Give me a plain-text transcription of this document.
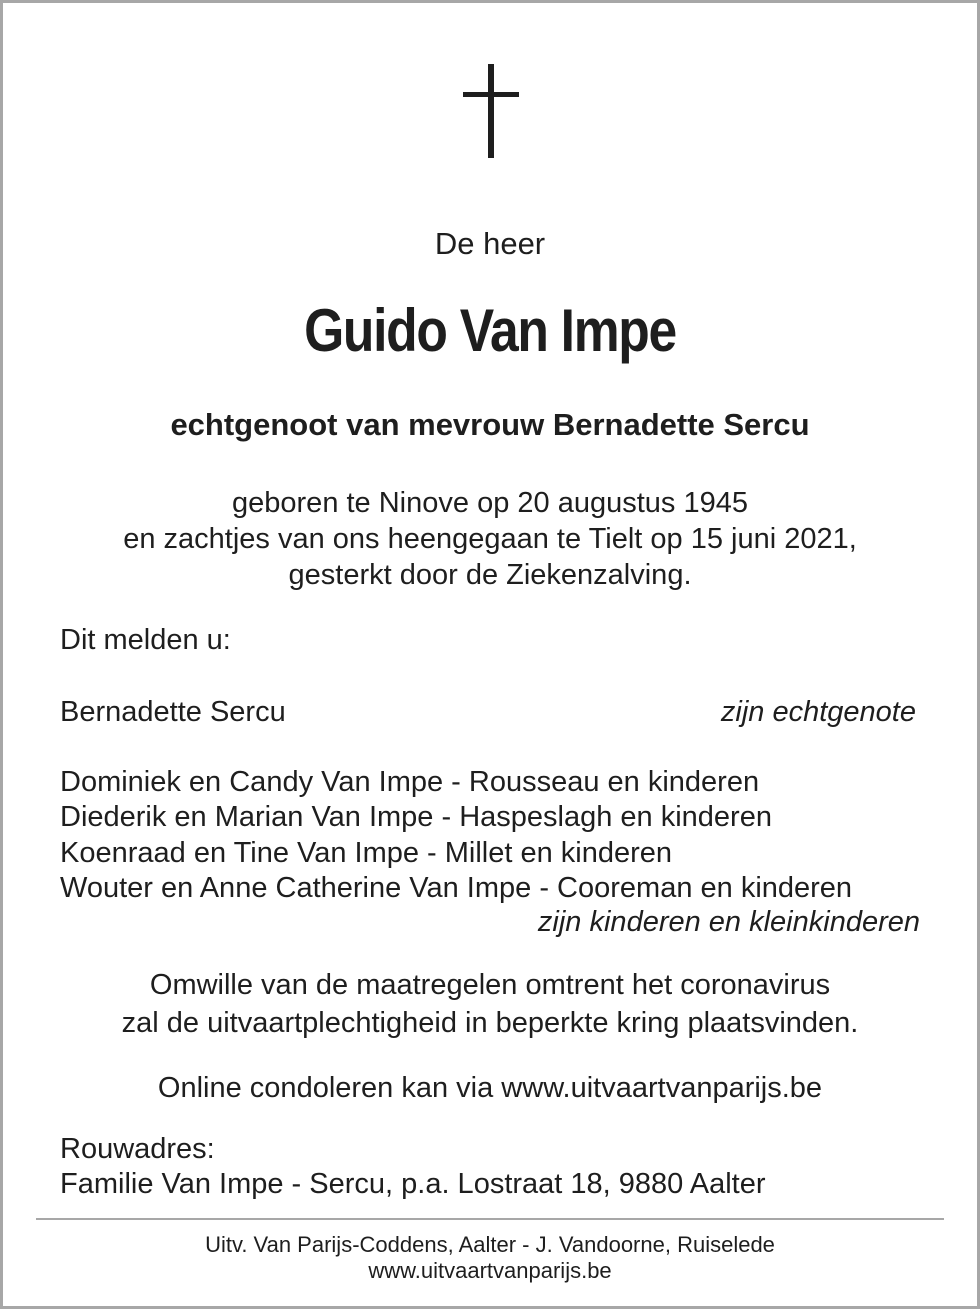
De heer
Guido Van Impe
echtgenoot van mevrouw Bernadette Sercu
geboren te Ninove op 20 augustus 1945
en zachtjes van ons heengegaan te Tielt op 15 juni 2021,
gesterkt door de Ziekenzalving.
Dit melden u:
Bernadette Sercu	zijn echtgenote
Dominiek en Candy Van Impe - Rousseau en kinderen
Diederik en Marian Van Impe - Haspeslagh en kinderen
Koenraad en Tine Van Impe - Millet en kinderen
Wouter en Anne Catherine Van Impe - Cooreman en kinderen
zijn kinderen en kleinkinderen
Omwille van de maatregelen omtrent het coronavirus
zal de uitvaartplechtigheid in beperkte kring plaatsvinden.
Online condoleren kan via www.uitvaartvanparijs.be
Rouwadres:
Familie Van Impe - Sercu, p.a. Lostraat 18, 9880 Aalter
Uitv. Van Parijs-Coddens, Aalter - J. Vandoorne, Ruiselede
www.uitvaartvanparijs.be
